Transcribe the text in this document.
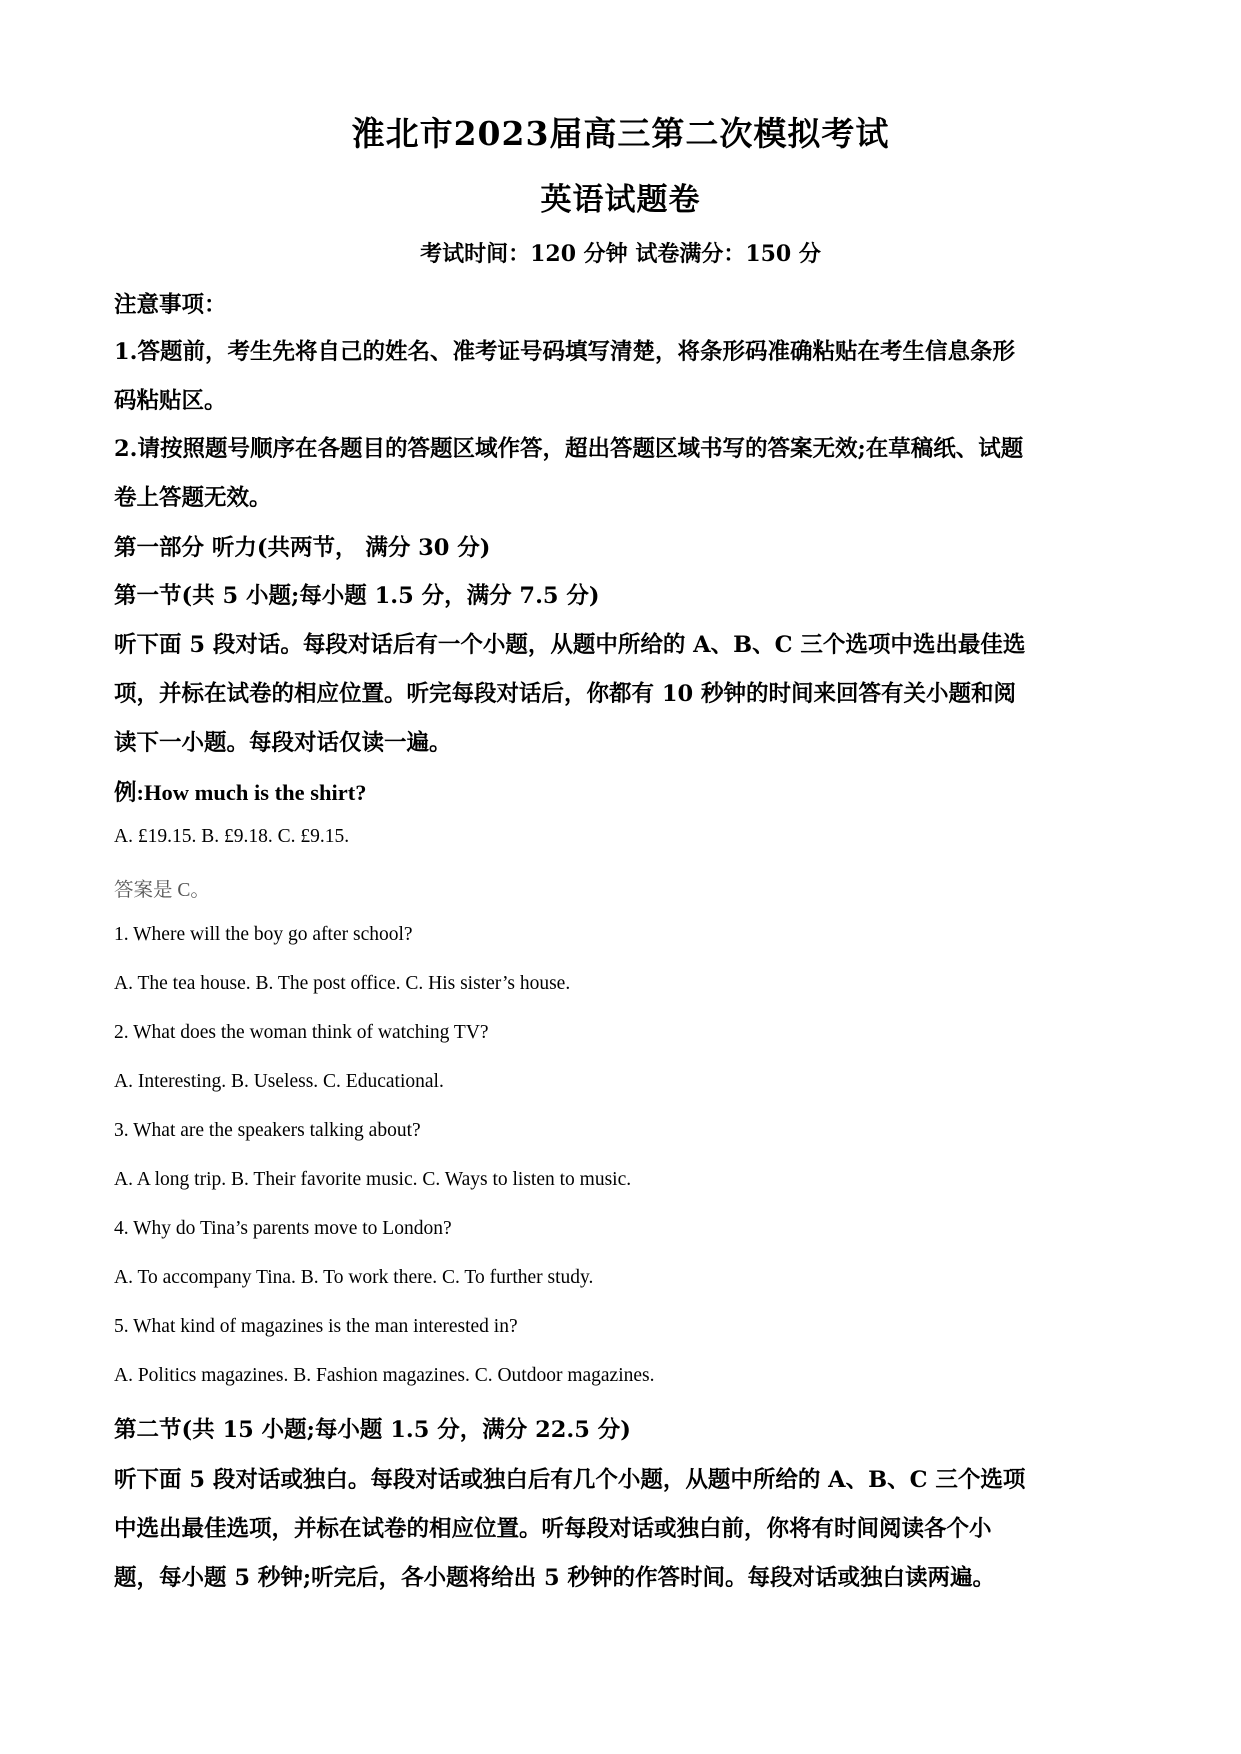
淮北市2023届高三第二次模拟考试
英语试题卷
考试时间：120 分钟 试卷满分：150 分
注意事项：
1.答题前，考生先将自己的姓名、准考证号码填写清楚，将条形码准确粘贴在考生信息条形
码粘贴区。
2.请按照题号顺序在各题目的答题区域作答，超出答题区域书写的答案无效;在草稿纸、试题
卷上答题无效。
第一部分 听力(共两节， 满分 30 分)
第一节(共 5 小题;每小题 1.5 分，满分 7.5 分)
听下面 5 段对话。每段对话后有一个小题，从题中所给的 A、B、C 三个选项中选出最佳选
项，并标在试卷的相应位置。听完每段对话后，你都有 10 秒钟的时间来回答有关小题和阅
读下一小题。每段对话仅读一遍。
例:How much is the shirt?
A. £19.15. B. £9.18. C. £9.15.
答案是 C。
1. Where will the boy go after school?
A. The tea house. B. The post office. C. His sister’s house.
2. What does the woman think of watching TV?
A. Interesting. B. Useless. C. Educational.
3. What are the speakers talking about?
A. A long trip. B. Their favorite music. C. Ways to listen to music.
4. Why do Tina’s parents move to London?
A. To accompany Tina. B. To work there. C. To further study.
5. What kind of magazines is the man interested in?
A. Politics magazines. B. Fashion magazines. C. Outdoor magazines.
第二节(共 15 小题;每小题 1.5 分，满分 22.5 分)
听下面 5 段对话或独白。每段对话或独白后有几个小题，从题中所给的 A、B、C 三个选项
中选出最佳选项，并标在试卷的相应位置。听每段对话或独白前，你将有时间阅读各个小
题，每小题 5 秒钟;听完后，各小题将给出 5 秒钟的作答时间。每段对话或独白读两遍。
